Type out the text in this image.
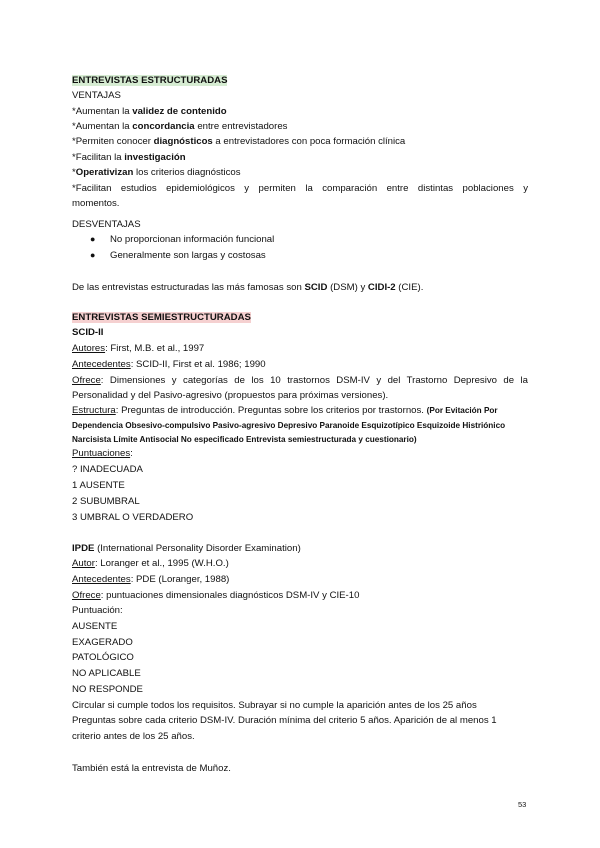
ENTREVISTAS ESTRUCTURADAS
VENTAJAS
*Aumentan la validez de contenido
*Aumentan la concordancia entre entrevistadores
*Permiten conocer diagnósticos a entrevistadores con poca formación clínica
*Facilitan la investigación
*Operativizan los criterios diagnósticos
*Facilitan estudios epidemiológicos y permiten la comparación entre distintas poblaciones y
momentos.
DESVENTAJAS
● No proporcionan información funcional
● Generalmente son largas y costosas
De las entrevistas estructuradas las más famosas son SCID (DSM) y CIDI-2 (CIE).
ENTREVISTAS SEMIESTRUCTURADAS
SCID-II
Autores: First, M.B. et al., 1997
Antecedentes: SCID-II, First et al. 1986; 1990
Ofrece: Dimensiones y categorías de los 10 trastornos DSM-IV y del Trastorno Depresivo de la
Personalidad y del Pasivo-agresivo (propuestos para próximas versiones).
Estructura: Preguntas de introducción. Preguntas sobre los criterios por trastornos. (Por Evitación Por
Dependencia Obsesivo-compulsivo Pasivo-agresivo Depresivo Paranoide Esquizotípico Esquizoide Histriónico
Narcisista Límite Antisocial No especificado Entrevista semiestructurada y cuestionario)
Puntuaciones:
? INADECUADA
1 AUSENTE
2 SUBUMBRAL
3 UMBRAL O VERDADERO
IPDE (International Personality Disorder Examination)
Autor: Loranger et al., 1995 (W.H.O.)
Antecedentes: PDE (Loranger, 1988)
Ofrece: puntuaciones dimensionales diagnósticos DSM-IV y CIE-10
Puntuación:
AUSENTE
EXAGERADO
PATOLÓGICO
NO APLICABLE
NO RESPONDE
Circular si cumple todos los requisitos. Subrayar si no cumple la aparición antes de los 25 años
Preguntas sobre cada criterio DSM-IV. Duración mínima del criterio 5 años. Aparición de al menos 1
criterio antes de los 25 años.
También está la entrevista de Muñoz.
53
